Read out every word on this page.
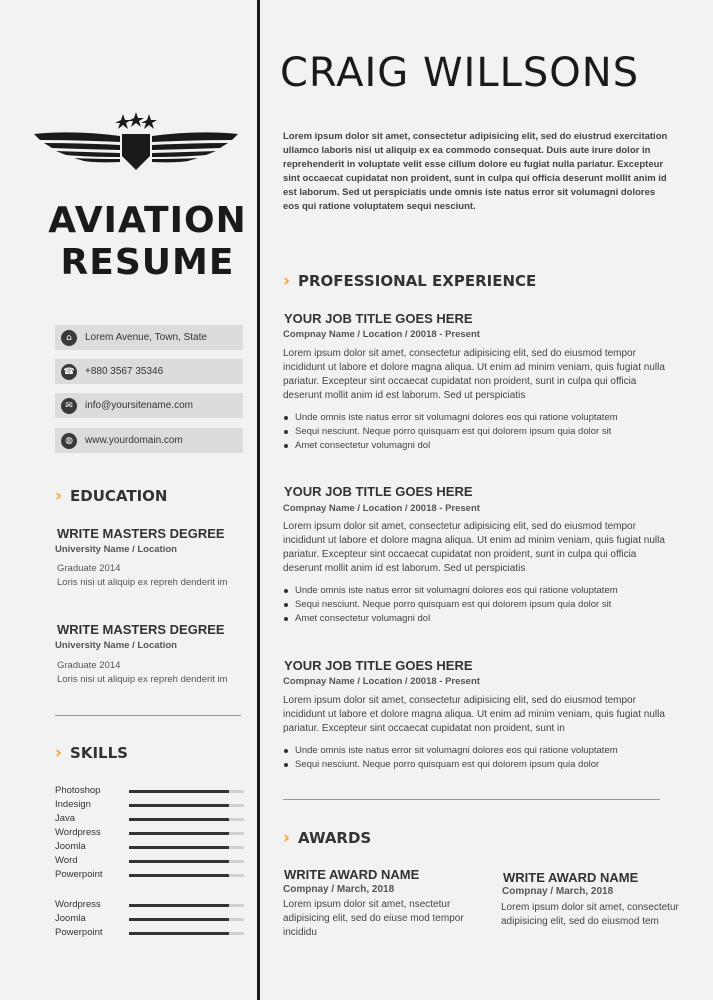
AVIATION
RESUME
⌂	Lorem Avenue, Town, State
☎ +880 3567 35346
✉	info@yoursitename.com
◍	www.yourdomain.com
› EDUCATION
WRITE MASTERS DEGREE
University Name / Location
Graduate 2014
Loris nisi ut aliquip ex repreh denderit im
WRITE MASTERS DEGREE
University Name / Location
Graduate 2014
Loris nisi ut aliquip ex repreh denderit im
› SKILLS
Photoshop
Indesign
Java
Wordpress
Joomla
Word
Powerpoint
Wordpress
Joomla
Powerpoint
CRAIG WILLSONS
Lorem ipsum dolor sit amet, consectetur adipisicing elit, sed do eiustrud exercitation ullamco laboris nisi ut aliquip ex ea commodo consequat. Duis aute irure dolor in reprehenderit in voluptate velit esse cillum dolore eu fugiat nulla pariatur. Excepteur sint occaecat cupidatat non proident, sunt in culpa qui officia deserunt mollit anim id est laborum. Sed ut perspiciatis unde omnis iste natus error sit volumagni dolores eos qui ratione voluptatem sequi nesciunt.
› PROFESSIONAL EXPERIENCE
YOUR JOB TITLE GOES HERE
Compnay Name / Location / 20018 - Present
Lorem ipsum dolor sit amet, consectetur adipisicing elit, sed do eiusmod tempor incididunt ut labore et dolore magna aliqua. Ut enim ad minim veniam, quis fugiat nulla pariatur. Excepteur sint occaecat cupidatat non proident, sunt in culpa qui officia deserunt mollit anim id est laborum. Sed ut perspiciatis
Unde omnis iste natus error sit volumagni dolores eos qui ratione voluptatem
Sequi nesciunt. Neque porro quisquam est qui dolorem ipsum quia dolor sit
Amet consectetur volumagni dol
YOUR JOB TITLE GOES HERE
Compnay Name / Location / 20018 - Present
Lorem ipsum dolor sit amet, consectetur adipisicing elit, sed do eiusmod tempor incididunt ut labore et dolore magna aliqua. Ut enim ad minim veniam, quis fugiat nulla pariatur. Excepteur sint occaecat cupidatat non proident, sunt in culpa qui officia deserunt mollit anim id est laborum. Sed ut perspiciatis
Unde omnis iste natus error sit volumagni dolores eos qui ratione voluptatem
Sequi nesciunt. Neque porro quisquam est qui dolorem ipsum quia dolor sit
Amet consectetur volumagni dol
YOUR JOB TITLE GOES HERE
Compnay Name / Location / 20018 - Present
Lorem ipsum dolor sit amet, consectetur adipisicing elit, sed do eiusmod tempor incididunt ut labore et dolore magna aliqua. Ut enim ad minim veniam, quis fugiat nulla pariatur. Excepteur sint occaecat cupidatat non proident, sunt in
Unde omnis iste natus error sit volumagni dolores eos qui ratione voluptatem
Sequi nesciunt. Neque porro quisquam est qui dolorem ipsum quia dolor
› AWARDS
WRITE AWARD NAME
Compnay / March, 2018
Lorem ipsum dolor sit amet, nsectetur adipisicing elit, sed do eiuse mod tempor incididu
WRITE AWARD NAME
Compnay / March, 2018
Lorem ipsum dolor sit amet, consectetur adipisicing elit, sed do eiusmod tem
